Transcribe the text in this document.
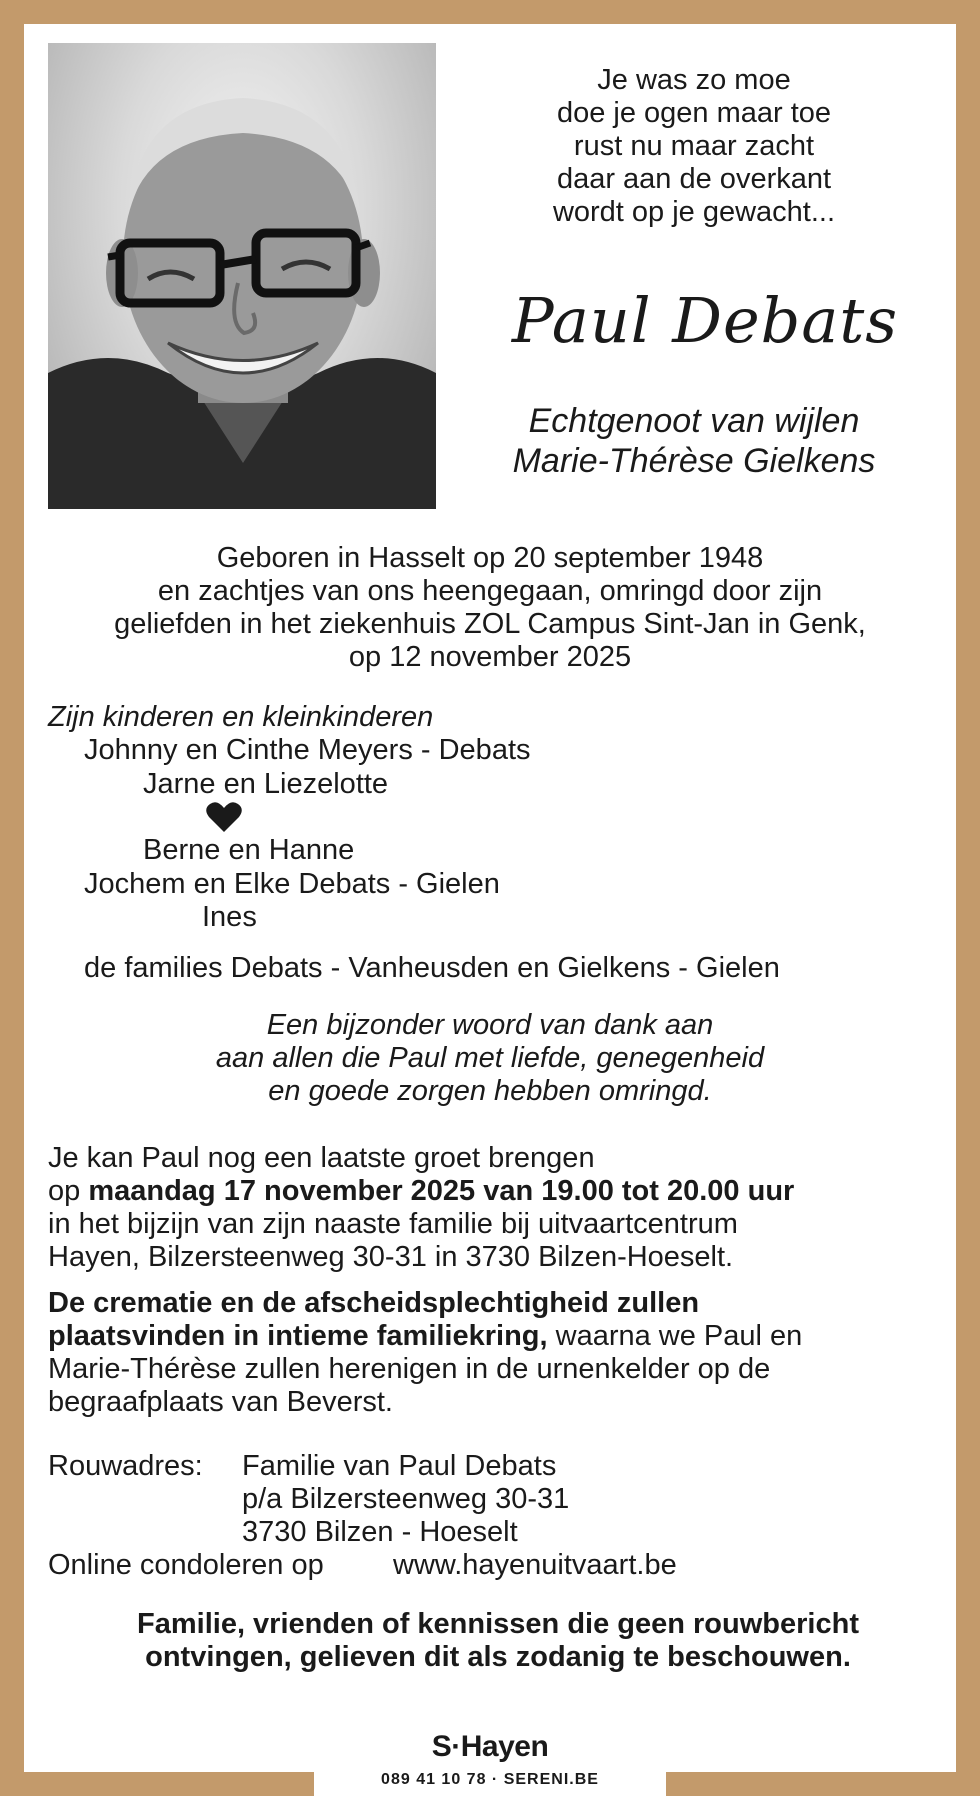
Je was zo moe
doe je ogen maar toe
rust nu maar zacht
daar aan de overkant
wordt op je gewacht...
Paul Debats
Echtgenoot van wijlen
Marie-Thérèse Gielkens
Geboren in Hasselt op 20 september 1948
en zachtjes van ons heengegaan, omringd door zijn
geliefden in het ziekenhuis ZOL Campus Sint-Jan in Genk,
op 12 november 2025
Zijn kinderen en kleinkinderen
Johnny en Cinthe Meyers - Debats
Jarne en Liezelotte
Berne en Hanne
Jochem en Elke Debats - Gielen
Ines
de families Debats - Vanheusden en Gielkens - Gielen
Een bijzonder woord van dank aan
aan allen die Paul met liefde, genegenheid
en goede zorgen hebben omringd.
Je kan Paul nog een laatste groet brengen
op maandag 17 november 2025 van 19.00 tot 20.00 uur
in het bijzijn van zijn naaste familie bij uitvaartcentrum
Hayen, Bilzersteenweg 30-31 in 3730 Bilzen-Hoeselt.
De crematie en de afscheidsplechtigheid zullen
plaatsvinden in intieme familiekring, waarna we Paul en
Marie-Thérèse zullen herenigen in de urnenkelder op de
begraafplaats van Beverst.
Rouwadres: Familie van Paul Debats
p/a Bilzersteenweg 30-31
3730 Bilzen - Hoeselt
Online condoleren op www.hayenuitvaart.be
Familie, vrienden of kennissen die geen rouwbericht
ontvingen, gelieven dit als zodanig te beschouwen.
S·Hayen
089 41 10 78 · SERENI.BE
